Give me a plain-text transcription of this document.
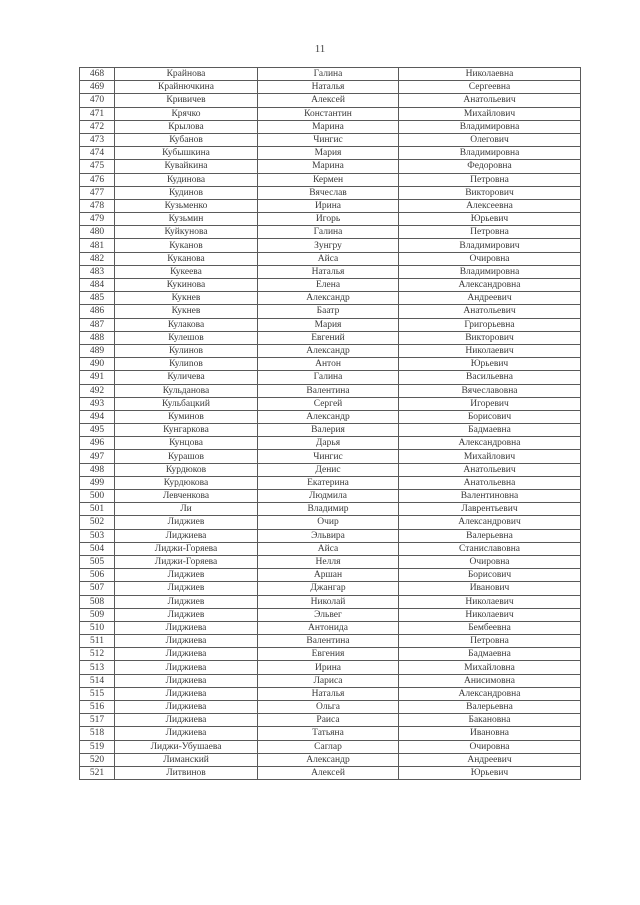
11
468	Крайнова	Галина	Николаевна
469	Крайнючкина	Наталья	Сергеевна
470	Кривичев	Алексей	Анатольевич
471	Крячко	Константин	Михайлович
472	Крылова	Марина	Владимировна
473	Кубанов	Чингис	Олегович
474	Кубышкина	Мария	Владимировна
475	Кувайкина	Марина	Федоровна
476	Кудинова	Кермен	Петровна
477	Кудинов	Вячеслав	Викторович
478	Кузьменко	Ирина	Алексеевна
479	Кузьмин	Игорь	Юрьевич
480	Куйкунова	Галина	Петровна
481	Куканов	Зунгру	Владимирович
482	Куканова	Айса	Очировна
483	Кукеева	Наталья	Владимировна
484	Кукинова	Елена	Александровна
485	Кукнев	Александр	Андреевич
486	Кукнев	Баатр	Анатольевич
487	Кулакова	Мария	Григорьевна
488	Кулешов	Евгений	Викторович
489	Кулинов	Александр	Николаевич
490	Кулиnов	Антон	Юрьевич
491	Куличева	Галина	Васильевна
492	Кульданова	Валентина	Вячеславовна
493	Кульбацкий	Сергей	Игоревич
494	Куминов	Александр	Борисович
495	Кунгаркова	Валерия	Бадмаевна
496	Кунцова	Дарья	Александровна
497	Курашов	Чингис	Михайлович
498	Курдюков	Денис	Анатольевич
499	Курдюкова	Екатерина	Анатольевна
500	Левченкова	Людмила	Валентиновна
501	Ли	Владимир	Лаврентьевич
502	Лиджиев	Очир	Александрович
503	Лиджиева	Эльвира	Валерьевна
504	Лиджи-Горяева	Айса	Станиславовна
505	Лиджи-Горяева	Нелля	Очировна
506	Лиджиев	Аршан	Борисович
507	Лиджиев	Джангар	Иванович
508	Лиджиев	Николай	Николаевич
509	Лиджиев	Эльвег	Николаевич
510	Лиджиева	Антонида	Бембеевна
511	Лиджиева	Валентина	Петровна
512	Лиджиева	Евгения	Бадмаевна
513	Лиджиева	Ирина	Михайловна
514	Лиджиева	Лариса	Анисимовна
515	Лиджиева	Наталья	Александровна
516	Лиджиева	Ольга	Валерьевна
517	Лиджиева	Раиса	Бакановна
518	Лиджиева	Татьяна	Ивановна
519	Лиджи-Убушаева	Саглар	Очировна
520	Лиманский	Александр	Андреевич
521	Литвинов	Алексей	Юрьевич
